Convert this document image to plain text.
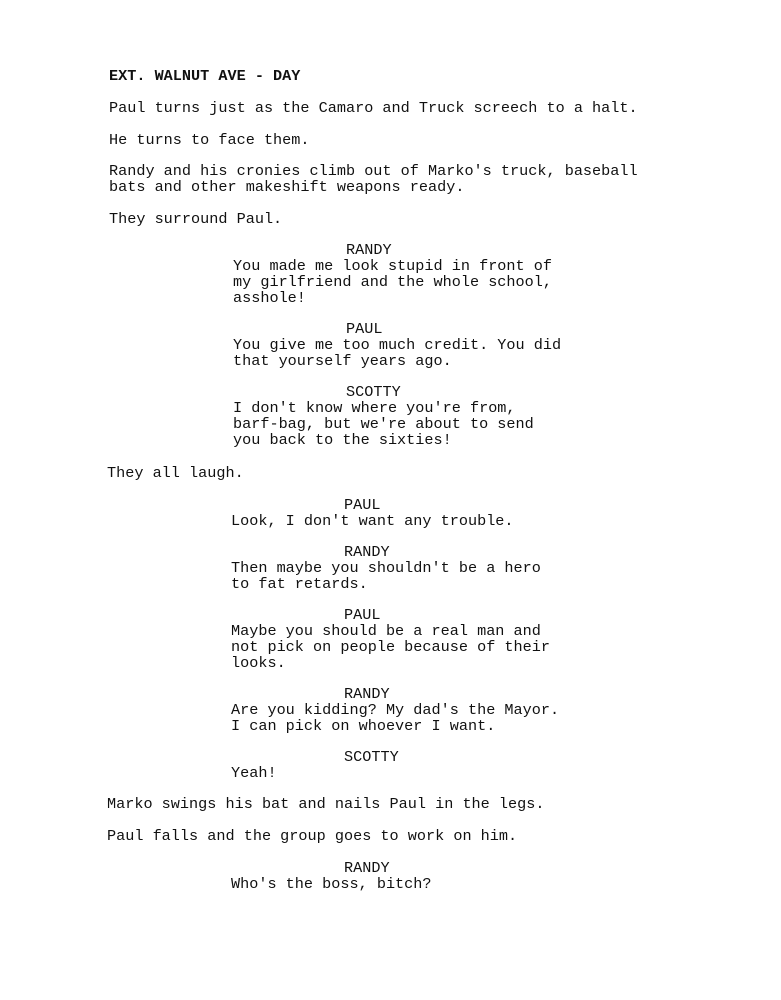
EXT. WALNUT AVE - DAY
Paul turns just as the Camaro and Truck screech to a halt.
He turns to face them.
Randy and his cronies climb out of Marko's truck, baseball
bats and other makeshift weapons ready.
They surround Paul.
RANDY
You made me look stupid in front of
my girlfriend and the whole school,
asshole!
PAUL
You give me too much credit. You did
that yourself years ago.
SCOTTY
I don't know where you're from,
barf-bag, but we're about to send
you back to the sixties!
They all laugh.
PAUL
Look, I don't want any trouble.
RANDY
Then maybe you shouldn't be a hero
to fat retards.
PAUL
Maybe you should be a real man and
not pick on people because of their
looks.
RANDY
Are you kidding? My dad's the Mayor.
I can pick on whoever I want.
SCOTTY
Yeah!
Marko swings his bat and nails Paul in the legs.
Paul falls and the group goes to work on him.
RANDY
Who's the boss, bitch?
